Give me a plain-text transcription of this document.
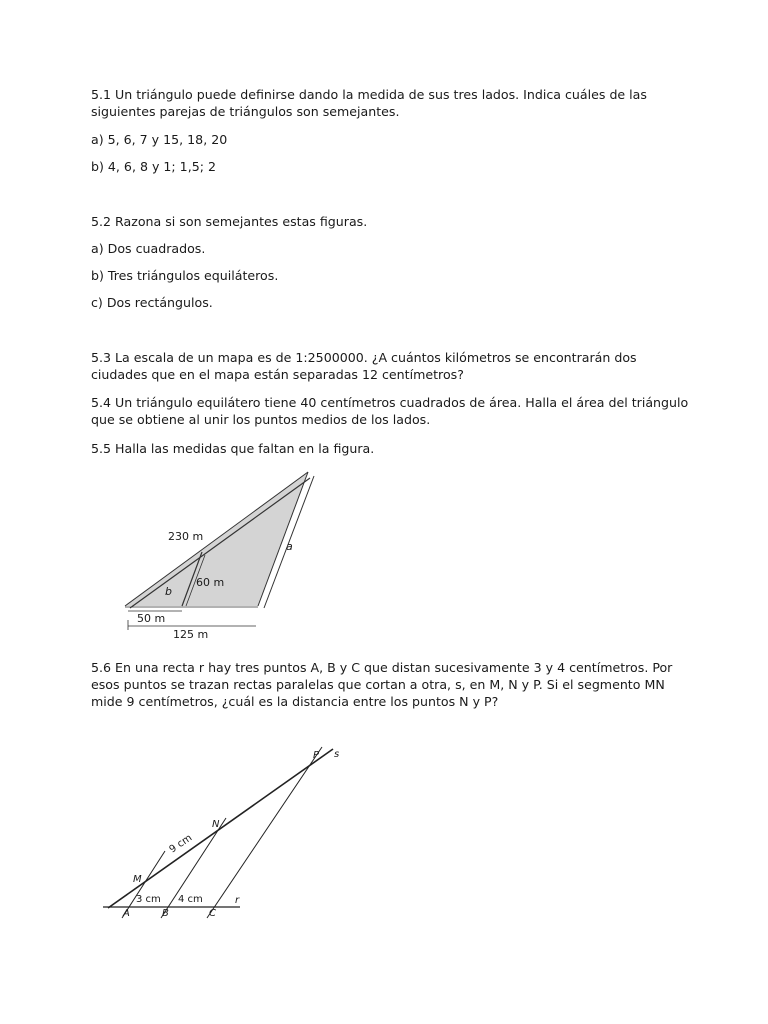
5.1 Un triángulo puede definirse dando la medida de sus tres lados. Indica cuáles de las siguientes parejas de triángulos son semejantes.
a) 5, 6, 7 y 15, 18, 20
b) 4, 6, 8 y 1; 1,5; 2
5.2 Razona si son semejantes estas figuras.
a) Dos cuadrados.
b) Tres triángulos equiláteros.
c) Dos rectángulos.
5.3 La escala de un mapa es de 1:2500000. ¿A cuántos kilómetros se encontrarán dos ciudades que en el mapa están separadas 12 centímetros?
5.4 Un triángulo equilátero tiene 40 centímetros cuadrados de área. Halla el área del triángulo que se obtiene al unir los puntos medios de los lados.
5.5 Halla las medidas que faltan en la figura.
230 m
a
60 m
b
50 m
125 m
5.6 En una recta r hay tres puntos A, B y C que distan sucesivamente 3 y 4 centímetros. Por esos puntos se trazan rectas paralelas que cortan a otra, s, en M, N y P. Si el segmento MN mide 9 centímetros, ¿cuál es la distancia entre los puntos N y P?
P s
N
9 cm
M
3 cm 4 cm	r
A	B	C
